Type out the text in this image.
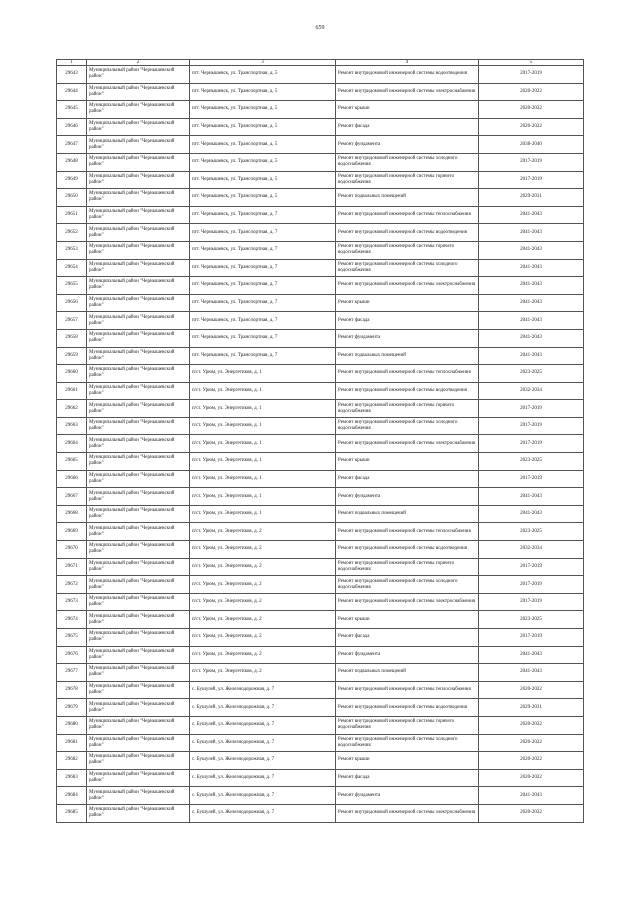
659
1	2	3	4	5
29643	Муниципальный район "Чернышевский район"	пгт. Чернышевск, ул. Транспортная, д. 5	Ремонт внутридомовой инженерной системы водоотведения	2017-2019
29644	Муниципальный район "Чернышевский район"	пгт. Чернышевск, ул. Транспортная, д. 5	Ремонт внутридомовой инженерной системы электроснабжения	2020-2022
29645	Муниципальный район "Чернышевский район"	пгт. Чернышевск, ул. Транспортная, д. 5	Ремонт крыши	2020-2022
29646	Муниципальный район "Чернышевский район"	пгт. Чернышевск, ул. Транспортная, д. 5	Ремонт фасада	2020-2022
29647	Муниципальный район "Чернышевский район"	пгт. Чернышевск, ул. Транспортная, д. 5	Ремонт фундамента	2038-2040
29648	Муниципальный район "Чернышевский район"	пгт. Чернышевск, ул. Транспортная, д. 5	Ремонт внутридомовой инженерной системы холодного водоснабжения	2017-2019
29649	Муниципальный район "Чернышевский район"	пгт. Чернышевск, ул. Транспортная, д. 5	Ремонт внутридомовой инженерной системы горячего водоснабжения	2017-2019
29650	Муниципальный район "Чернышевский район"	пгт. Чернышевск, ул. Транспортная, д. 5	Ремонт подвальных помещений	2029-2031
29651	Муниципальный район "Чернышевский район"	пгт. Чернышевск, ул. Транспортная, д. 7	Ремонт внутридомовой инженерной системы теплоснабжения	2041-2043
29652	Муниципальный район "Чернышевский район"	пгт. Чернышевск, ул. Транспортная, д. 7	Ремонт внутридомовой инженерной системы водоотведения	2041-2043
29653	Муниципальный район "Чернышевский район"	пгт. Чернышевск, ул. Транспортная, д. 7	Ремонт внутридомовой инженерной системы горячего водоснабжения	2041-2043
29654	Муниципальный район "Чернышевский район"	пгт. Чернышевск, ул. Транспортная, д. 7	Ремонт внутридомовой инженерной системы холодного водоснабжения	2041-2043
29655	Муниципальный район "Чернышевский район"	пгт. Чернышевск, ул. Транспортная, д. 7	Ремонт внутридомовой инженерной системы электроснабжения	2041-2043
29656	Муниципальный район "Чернышевский район"	пгт. Чернышевск, ул. Транспортная, д. 7	Ремонт крыши	2041-2043
29657	Муниципальный район "Чернышевский район"	пгт. Чернышевск, ул. Транспортная, д. 7	Ремонт фасада	2041-2043
29658	Муниципальный район "Чернышевский район"	пгт. Чернышевск, ул. Транспортная, д. 7	Ремонт фундамента	2041-2043
29659	Муниципальный район "Чернышевский район"	пгт. Чернышевск, ул. Транспортная, д. 7	Ремонт подвальных помещений	2041-2043
29660	Муниципальный район "Чернышевский район"	п/ст. Урюм, ул. Энергетиков, д. 1	Ремонт внутридомовой инженерной системы теплоснабжения	2023-2025
29661	Муниципальный район "Чернышевский район"	п/ст. Урюм, ул. Энергетиков, д. 1	Ремонт внутридомовой инженерной системы водоотведения	2032-2034
29662	Муниципальный район "Чернышевский район"	п/ст. Урюм, ул. Энергетиков, д. 1	Ремонт внутридомовой инженерной системы горячего водоснабжения	2017-2019
29663	Муниципальный район "Чернышевский район"	п/ст. Урюм, ул. Энергетиков, д. 1	Ремонт внутридомовой инженерной системы холодного водоснабжения	2017-2019
29664	Муниципальный район "Чернышевский район"	п/ст. Урюм, ул. Энергетиков, д. 1	Ремонт внутридомовой инженерной системы электроснабжения	2017-2019
29665	Муниципальный район "Чернышевский район"	п/ст. Урюм, ул. Энергетиков, д. 1	Ремонт крыши	2023-2025
29666	Муниципальный район "Чернышевский район"	п/ст. Урюм, ул. Энергетиков, д. 1	Ремонт фасада	2017-2019
29667	Муниципальный район "Чернышевский район"	п/ст. Урюм, ул. Энергетиков, д. 1	Ремонт фундамента	2041-2043
29668	Муниципальный район "Чернышевский район"	п/ст. Урюм, ул. Энергетиков, д. 1	Ремонт подвальных помещений	2041-2043
29669	Муниципальный район "Чернышевский район"	п/ст. Урюм, ул. Энергетиков, д. 2	Ремонт внутридомовой инженерной системы теплоснабжения	2023-2025
29670	Муниципальный район "Чернышевский район"	п/ст. Урюм, ул. Энергетиков, д. 2	Ремонт внутридомовой инженерной системы водоотведения	2032-2034
29671	Муниципальный район "Чернышевский район"	п/ст. Урюм, ул. Энергетиков, д. 2	Ремонт внутридомовой инженерной системы горячего водоснабжения	2017-2019
29672	Муниципальный район "Чернышевский район"	п/ст. Урюм, ул. Энергетиков, д. 2	Ремонт внутридомовой инженерной системы холодного водоснабжения	2017-2019
29673	Муниципальный район "Чернышевский район"	п/ст. Урюм, ул. Энергетиков, д. 2	Ремонт внутридомовой инженерной системы электроснабжения	2017-2019
29674	Муниципальный район "Чернышевский район"	п/ст. Урюм, ул. Энергетиков, д. 2	Ремонт крыши	2023-2025
29675	Муниципальный район "Чернышевский район"	п/ст. Урюм, ул. Энергетиков, д. 2	Ремонт фасада	2017-2019
29676	Муниципальный район "Чернышевский район"	п/ст. Урюм, ул. Энергетиков, д. 2	Ремонт фундамента	2041-2043
29677	Муниципальный район "Чернышевский район"	п/ст. Урюм, ул. Энергетиков, д. 2	Ремонт подвальных помещений	2041-2043
29678	Муниципальный район "Чернышевский район"	с. Бушулей, ул. Железнодорожная, д. 7	Ремонт внутридомовой инженерной системы теплоснабжения	2020-2022
29679	Муниципальный район "Чернышевский район"	с. Бушулей, ул. Железнодорожная, д. 7	Ремонт внутридомовой инженерной системы водоотведения	2029-2031
29680	Муниципальный район "Чернышевский район"	с. Бушулей, ул. Железнодорожная, д. 7	Ремонт внутридомовой инженерной системы горячего водоснабжения	2020-2022
29681	Муниципальный район "Чернышевский район"	с. Бушулей, ул. Железнодорожная, д. 7	Ремонт внутридомовой инженерной системы холодного водоснабжения	2020-2022
29682	Муниципальный район "Чернышевский район"	с. Бушулей, ул. Железнодорожная, д. 7	Ремонт крыши	2020-2022
29683	Муниципальный район "Чернышевский район"	с. Бушулей, ул. Железнодорожная, д. 7	Ремонт фасада	2020-2022
29684	Муниципальный район "Чернышевский район"	с. Бушулей, ул. Железнодорожная, д. 7	Ремонт фундамента	2041-2043
29685	Муниципальный район "Чернышевский район"	с. Бушулей, ул. Железнодорожная, д. 7	Ремонт внутридомовой инженерной системы электроснабжения	2020-2022
